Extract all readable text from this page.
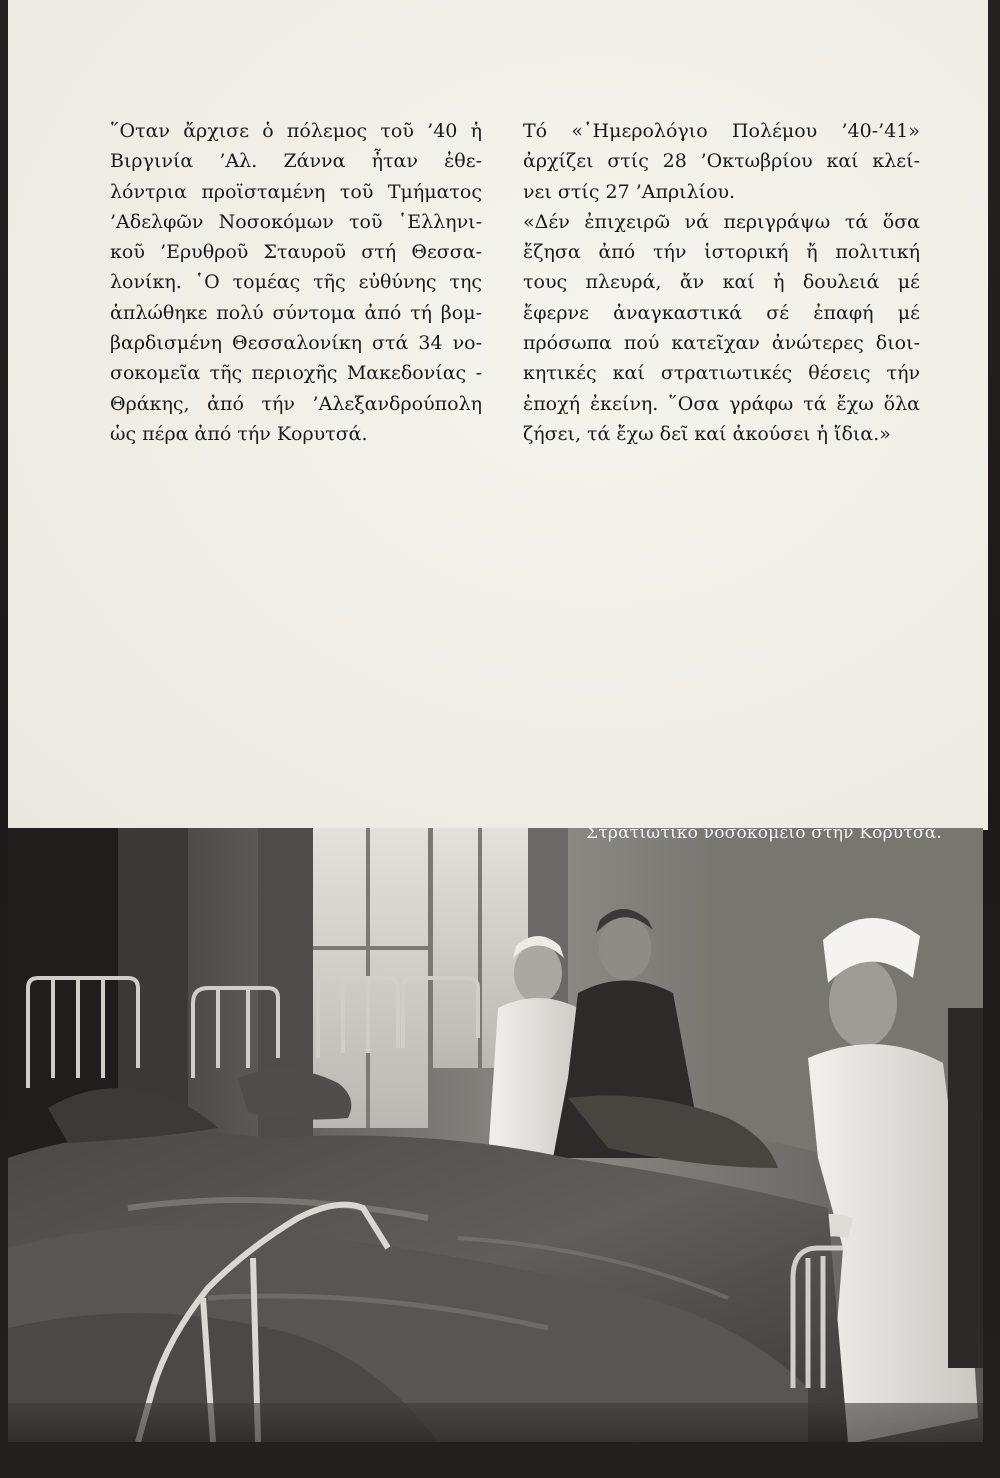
῞Οταν ἄρχισε ὁ πόλεμος τοῦ ’40 ἡ
Βιργινία ’Αλ. Ζάννα ἦταν ἐθε-
λόντρια προϊσταμένη τοῦ Τμήματος
’Αδελφῶν Νοσοκόμων τοῦ ῾Ελληνι-
κοῦ ’Ερυθροῦ Σταυροῦ στή Θεσσα-
λονίκη. ῾Ο τομέας τῆς εὐθύνης της
ἁπλώθηκε πολύ σύντομα ἀπό τή βομ-
βαρδισμένη Θεσσαλονίκη στά 34 νο-
σοκομεῖα τῆς περιοχῆς Μακεδονίας -
Θράκης, ἀπό τήν ’Αλεξανδρούπολη
ὡς πέρα ἀπό τήν Κορυτσά.
Τό «῾Ημερολόγιο Πολέμου ’40-’41»
ἀρχίζει στίς 28 ’Οκτωβρίου καί κλεί-
νει στίς 27 ’Απριλίου.
«Δέν ἐπιχειρῶ νά περιγράψω τά ὅσα
ἔζησα ἀπό τήν ἱστορική ἤ πολιτική
τους πλευρά, ἄν καί ἡ δουλειά μέ
ἔφερνε ἀναγκαστικά σέ ἐπαφή μέ
πρόσωπα πού κατεῖχαν ἀνώτερες διοι-
κητικές καί στρατιωτικές θέσεις τήν
ἐποχή ἐκείνη. ῞Οσα γράφω τά ἔχω ὅλα
ζήσει, τά ἔχω δεῖ καί ἀκούσει ἡ ἴδια.»
Στρατιωτικό νοσοκομεῖο στήν Κορυτσά.
